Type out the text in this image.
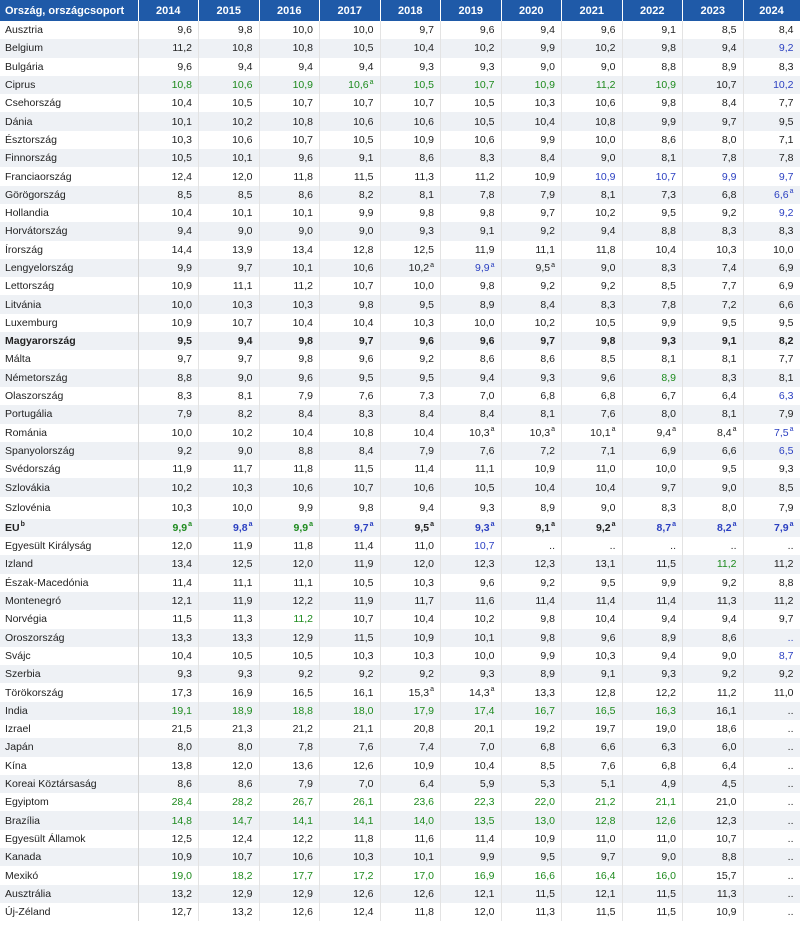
Ország, országcsoport	2014	2015	2016	2017	2018	2019	2020	2021	2022	2023	2024
Ausztria	9,6	9,8	10,0	10,0	9,7	9,6	9,4	9,6	9,1	8,5	8,4
Belgium	11,2	10,8	10,8	10,5	10,4	10,2	9,9	10,2	9,8	9,4	9,2
Bulgária	9,6	9,4	9,4	9,4	9,3	9,3	9,0	9,0	8,8	8,9	8,3
Ciprus	10,8	10,6	10,9	10,6$^a$	10,5	10,7	10,9	11,2	10,9	10,7	10,2
Csehország	10,4	10,5	10,7	10,7	10,7	10,5	10,3	10,6	9,8	8,4	7,7
Dánia	10,1	10,2	10,8	10,6	10,6	10,5	10,4	10,8	9,9	9,7	9,5
Észtország	10,3	10,6	10,7	10,5	10,9	10,6	9,9	10,0	8,6	8,0	7,1
Finnország	10,5	10,1	9,6	9,1	8,6	8,3	8,4	9,0	8,1	7,8	7,8
Franciaország	12,4	12,0	11,8	11,5	11,3	11,2	10,9	10,9	10,7	9,9	9,7
Görögország	8,5	8,5	8,6	8,2	8,1	7,8	7,9	8,1	7,3	6,8	6,6$^a$
Hollandia	10,4	10,1	10,1	9,9	9,8	9,8	9,7	10,2	9,5	9,2	9,2
Horvátország	9,4	9,0	9,0	9,0	9,3	9,1	9,2	9,4	8,8	8,3	8,3
Írország	14,4	13,9	13,4	12,8	12,5	11,9	11,1	11,8	10,4	10,3	10,0
Lengyelország	9,9	9,7	10,1	10,6	10,2$^a$	9,9$^a$	9,5$^a$	9,0	8,3	7,4	6,9
Lettország	10,9	11,1	11,2	10,7	10,0	9,8	9,2	9,2	8,5	7,7	6,9
Litvánia	10,0	10,3	10,3	9,8	9,5	8,9	8,4	8,3	7,8	7,2	6,6
Luxemburg	10,9	10,7	10,4	10,4	10,3	10,0	10,2	10,5	9,9	9,5	9,5
Magyarország	9,5	9,4	9,8	9,7	9,6	9,6	9,7	9,8	9,3	9,1	8,2
Málta	9,7	9,7	9,8	9,6	9,2	8,6	8,6	8,5	8,1	8,1	7,7
Németország	8,8	9,0	9,6	9,5	9,5	9,4	9,3	9,6	8,9	8,3	8,1
Olaszország	8,3	8,1	7,9	7,6	7,3	7,0	6,8	6,8	6,7	6,4	6,3
Portugália	7,9	8,2	8,4	8,3	8,4	8,4	8,1	7,6	8,0	8,1	7,9
Románia	10,0	10,2	10,4	10,8	10,4	10,3$^a$	10,3$^a$	10,1$^a$	9,4$^a$	8,4$^a$	7,5$^a$
Spanyolország	9,2	9,0	8,8	8,4	7,9	7,6	7,2	7,1	6,9	6,6	6,5
Svédország	11,9	11,7	11,8	11,5	11,4	11,1	10,9	11,0	10,0	9,5	9,3
Szlovákia	10,2	10,3	10,6	10,7	10,6	10,5	10,4	10,4	9,7	9,0	8,5
Szlovénia	10,3	10,0	9,9	9,8	9,4	9,3	8,9	9,0	8,3	8,0	7,9
$EU^b$	9,9$^a$	9,8$^a$	9,9$^a$	9,7$^a$	9,5$^a$	9,3$^a$	9,1$^a$	9,2$^a$	8,7$^a$	8,2$^a$	7,9$^a$
Egyesült Királyság	12,0	11,9	11,8	11,4	11,0	10,7	..	..	..	..	..
Izland	13,4	12,5	12,0	11,9	12,0	12,3	12,3	13,1	11,5	11,2	11,2
Észak-Macedónia	11,4	11,1	11,1	10,5	10,3	9,6	9,2	9,5	9,9	9,2	8,8
Montenegró	12,1	11,9	12,2	11,9	11,7	11,6	11,4	11,4	11,4	11,3	11,2
Norvégia	11,5	11,3	11,2	10,7	10,4	10,2	9,8	10,4	9,4	9,4	9,7
Oroszország	13,3	13,3	12,9	11,5	10,9	10,1	9,8	9,6	8,9	8,6	..
Svájc	10,4	10,5	10,5	10,3	10,3	10,0	9,9	10,3	9,4	9,0	8,7
Szerbia	9,3	9,3	9,2	9,2	9,2	9,3	8,9	9,1	9,3	9,2	9,2
Törökország	17,3	16,9	16,5	16,1	15,3$^a$	14,3$^a$	13,3	12,8	12,2	11,2	11,0
India	19,1	18,9	18,8	18,0	17,9	17,4	16,7	16,5	16,3	16,1	..
Izrael	21,5	21,3	21,2	21,1	20,8	20,1	19,2	19,7	19,0	18,6	..
Japán	8,0	8,0	7,8	7,6	7,4	7,0	6,8	6,6	6,3	6,0	..
Kína	13,8	12,0	13,6	12,6	10,9	10,4	8,5	7,6	6,8	6,4	..
Koreai Köztársaság	8,6	8,6	7,9	7,0	6,4	5,9	5,3	5,1	4,9	4,5	..
Egyiptom	28,4	28,2	26,7	26,1	23,6	22,3	22,0	21,2	21,1	21,0	..
Brazília	14,8	14,7	14,1	14,1	14,0	13,5	13,0	12,8	12,6	12,3	..
Egyesült Államok	12,5	12,4	12,2	11,8	11,6	11,4	10,9	11,0	11,0	10,7	..
Kanada	10,9	10,7	10,6	10,3	10,1	9,9	9,5	9,7	9,0	8,8	..
Mexikó	19,0	18,2	17,7	17,2	17,0	16,9	16,6	16,4	16,0	15,7	..
Ausztrália	13,2	12,9	12,9	12,6	12,6	12,1	11,5	12,1	11,5	11,3	..
Új-Zéland	12,7	13,2	12,6	12,4	11,8	12,0	11,3	11,5	11,5	10,9	..
